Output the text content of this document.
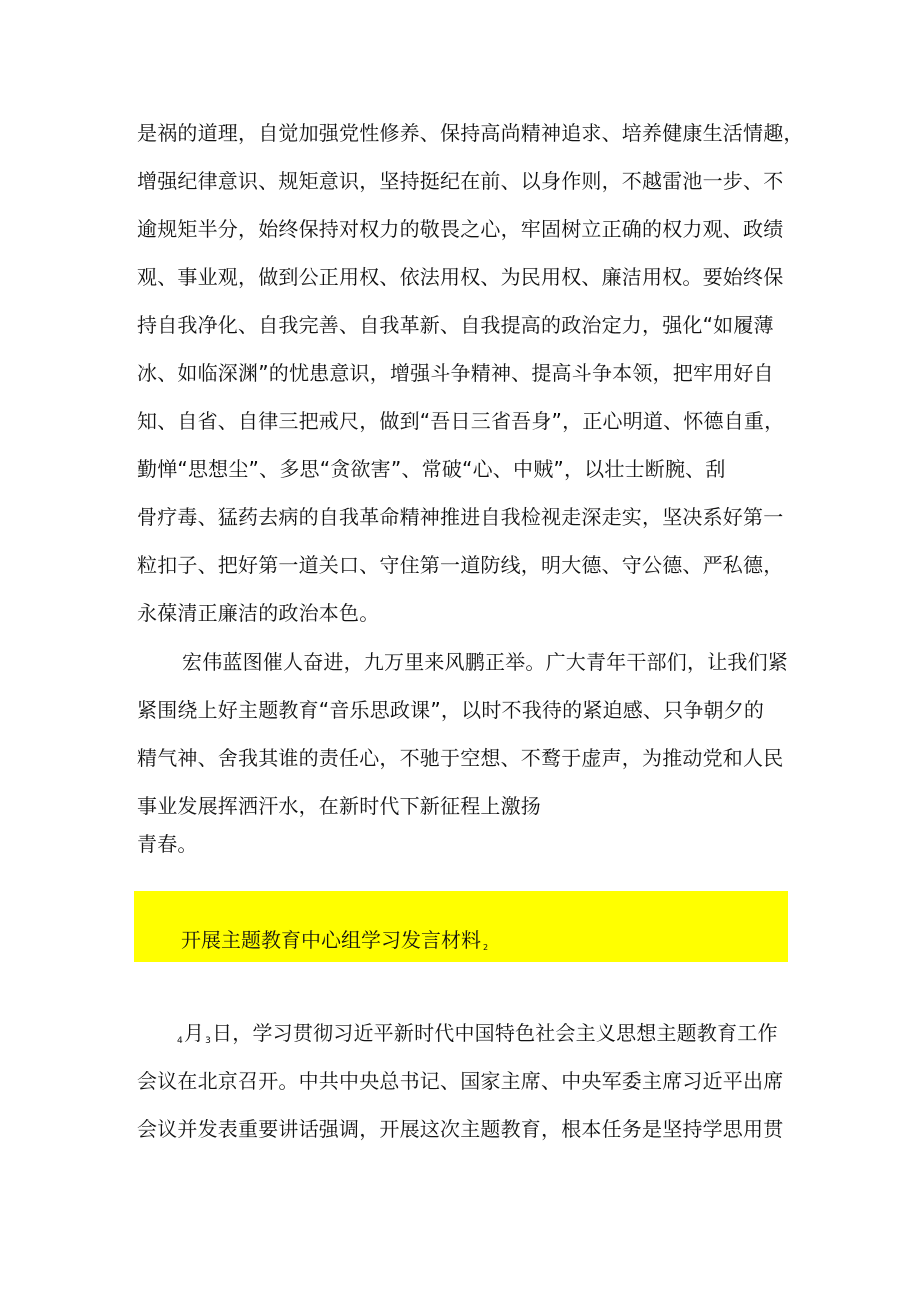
是祸的道理，自觉加强党性修养、保持高尚精神追求、培养健康生活情趣，
增强纪律意识、规矩意识，坚持挺纪在前、以身作则，不越雷池一步、不
逾规矩半分，始终保持对权力的敬畏之心，牢固树立正确的权力观、政绩
观、事业观，做到公正用权、依法用权、为民用权、廉洁用权。要始终保
持自我净化、自我完善、自我革新、自我提高的政治定力，强化“如履薄
冰、如临深渊”的忧患意识，增强斗争精神、提高斗争本领，把牢用好自
知、自省、自律三把戒尺，做到“吾日三省吾身”，正心明道、怀德自重，
勤惮“思想尘”、多思“贪欲害”、常破“心、中贼”，以壮士断腕、刮
骨疗毒、猛药去病的自我革命精神推进自我检视走深走实，坚决系好第一
粒扣子、把好第一道关口、守住第一道防线，明大德、守公德、严私德，
永葆清正廉洁的政治本色。
宏伟蓝图催人奋进，九万里来风鹏正举。广大青年干部们，让我们紧
紧围绕上好主题教育“音乐思政课”，以时不我待的紧迫感、只争朝夕的
精气神、舍我其谁的责任心，不驰于空想、不鹜于虚声，为推动党和人民
事业发展挥洒汗水，在新时代下新征程上激扬
青春。
开展主题教育中心组学习发言材料 2
4月3日，学习贯彻习近平新时代中国特色社会主义思想主题教育工作
会议在北京召开。中共中央总书记、国家主席、中央军委主席习近平出席
会议并发表重要讲话强调，开展这次主题教育，根本任务是坚持学思用贯
